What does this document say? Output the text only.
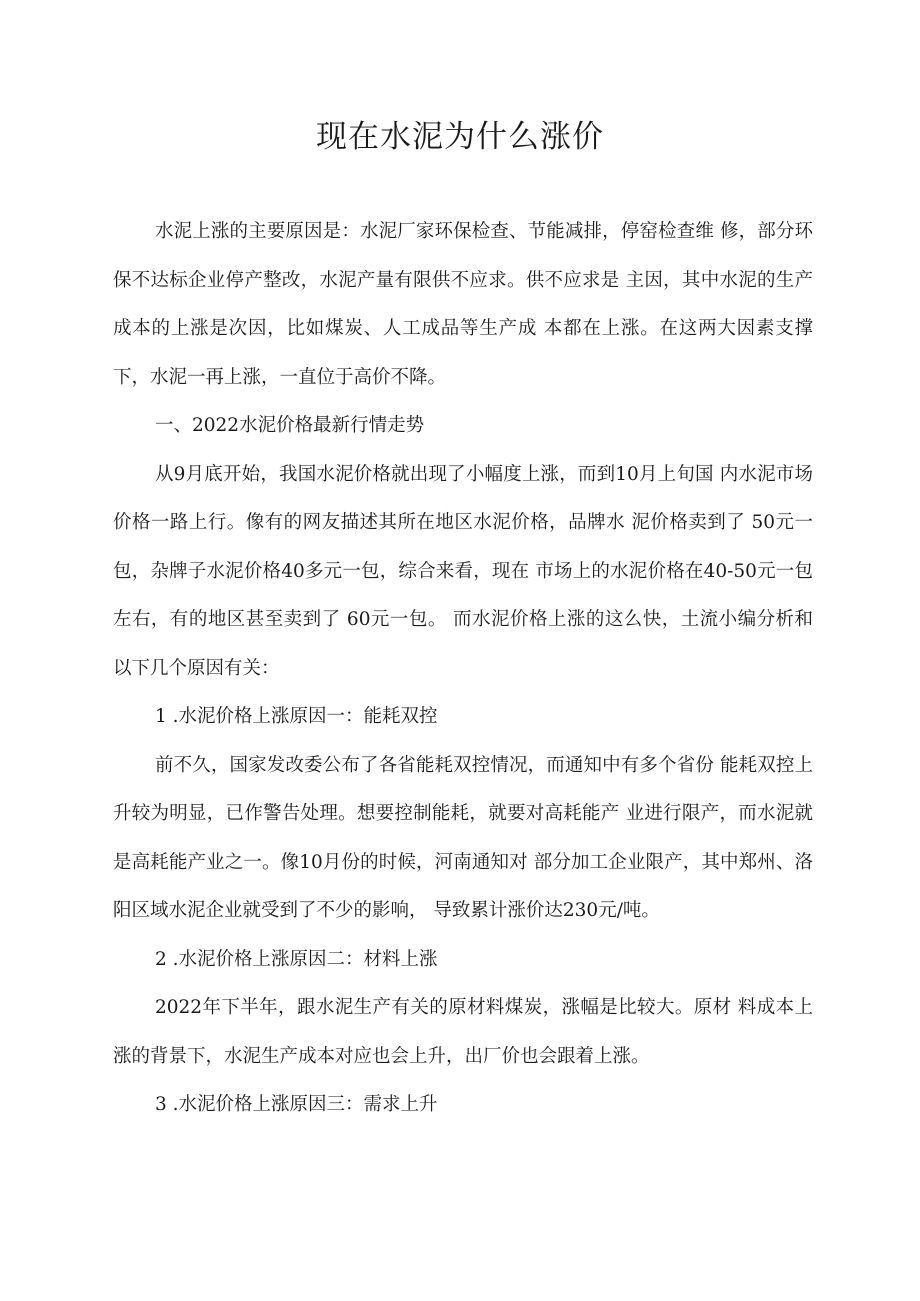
现在水泥为什么涨价

水泥上涨的主要原因是：水泥厂家环保检查、节能减排，停窑检查维 修，部分环保不达标企业停产整改，水泥产量有限供不应求。供不应求是 主因，其中水泥的生产成本的上涨是次因，比如煤炭、人工成品等生产成 本都在上涨。在这两大因素支撑下，水泥一再上涨，一直位于高价不降。

一、2022水泥价格最新行情走势

从9月底开始，我国水泥价格就出现了小幅度上涨，而到10月上旬国 内水泥市场价格一路上行。像有的网友描述其所在地区水泥价格，品牌水 泥价格卖到了 50元一包，杂牌子水泥价格40多元一包，综合来看，现在 市场上的水泥价格在40-50元一包左右，有的地区甚至卖到了 60元一包。 而水泥价格上涨的这么快，土流小编分析和以下几个原因有关：

1 .水泥价格上涨原因一：能耗双控

前不久，国家发改委公布了各省能耗双控情况，而通知中有多个省份 能耗双控上升较为明显，已作警告处理。想要控制能耗，就要对高耗能产 业进行限产，而水泥就是高耗能产业之一。像10月份的时候，河南通知对 部分加工企业限产，其中郑州、洛阳区域水泥企业就受到了不少的影响， 导致累计涨价达230元/吨。

2 .水泥价格上涨原因二：材料上涨

2022年下半年，跟水泥生产有关的原材料煤炭，涨幅是比较大。原材 料成本上涨的背景下，水泥生产成本对应也会上升，出厂价也会跟着上涨。

3 .水泥价格上涨原因三：需求上升
